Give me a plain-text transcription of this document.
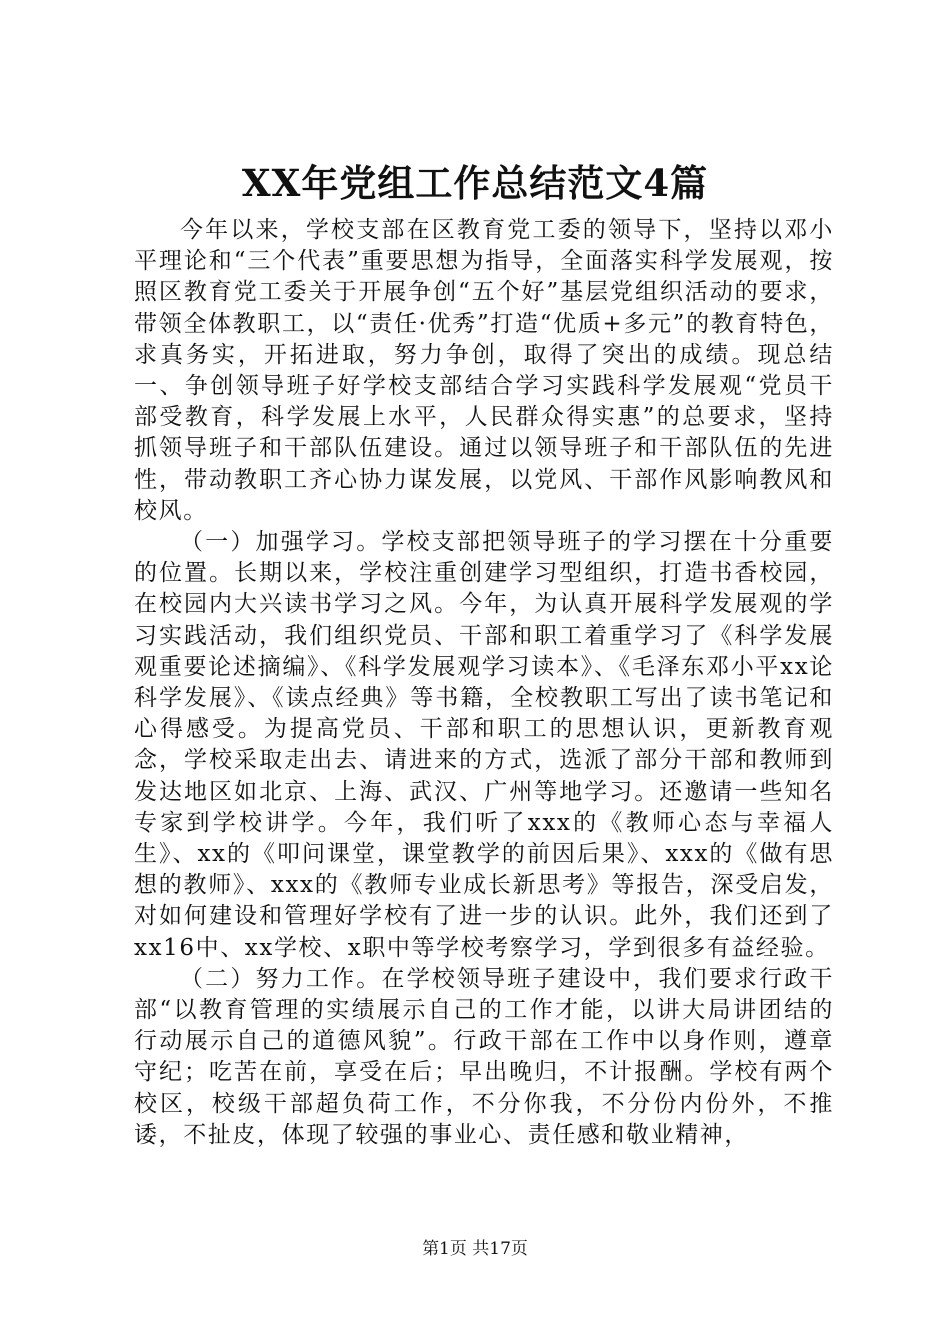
XX年党组工作总结范文4篇

今年以来，学校支部在区教育党工委的领导下，坚持以邓小平理论和“三个代表”重要思想为指导，全面落实科学发展观，按照区教育党工委关于开展争创“五个好”基层党组织活动的要求，带领全体教职工，以“责任·优秀”打造“优质+多元”的教育特色，求真务实，开拓进取，努力争创，取得了突出的成绩。现总结一、争创领导班子好学校支部结合学习实践科学发展观“党员干部受教育，科学发展上水平，人民群众得实惠”的总要求，坚持抓领导班子和干部队伍建设。通过以领导班子和干部队伍的先进性，带动教职工齐心协力谋发展，以党风、干部作风影响教风和校风。

（一）加强学习。学校支部把领导班子的学习摆在十分重要的位置。长期以来，学校注重创建学习型组织，打造书香校园，在校园内大兴读书学习之风。今年，为认真开展科学发展观的学习实践活动，我们组织党员、干部和职工着重学习了《科学发展观重要论述摘编》、《科学发展观学习读本》、《毛泽东邓小平xx论科学发展》、《读点经典》等书籍，全校教职工写出了读书笔记和心得感受。为提高党员、干部和职工的思想认识，更新教育观念，学校采取走出去、请进来的方式，选派了部分干部和教师到发达地区如北京、上海、武汉、广州等地学习。还邀请一些知名专家到学校讲学。今年，我们听了xxx的《教师心态与幸福人生》、xx的《叩问课堂，课堂教学的前因后果》、xxx的《做有思想的教师》、xxx的《教师专业成长新思考》等报告，深受启发，对如何建设和管理好学校有了进一步的认识。此外，我们还到了xx16中、xx学校、x职中等学校考察学习，学到很多有益经验。

（二）努力工作。在学校领导班子建设中，我们要求行政干部“以教育管理的实绩展示自己的工作才能，以讲大局讲团结的行动展示自己的道德风貌”。行政干部在工作中以身作则，遵章守纪；吃苦在前，享受在后；早出晚归，不计报酬。学校有两个校区，校级干部超负荷工作，不分你我，不分份内份外，不推诿，不扯皮，体现了较强的事业心、责任感和敬业精神，

第1页 共17页
